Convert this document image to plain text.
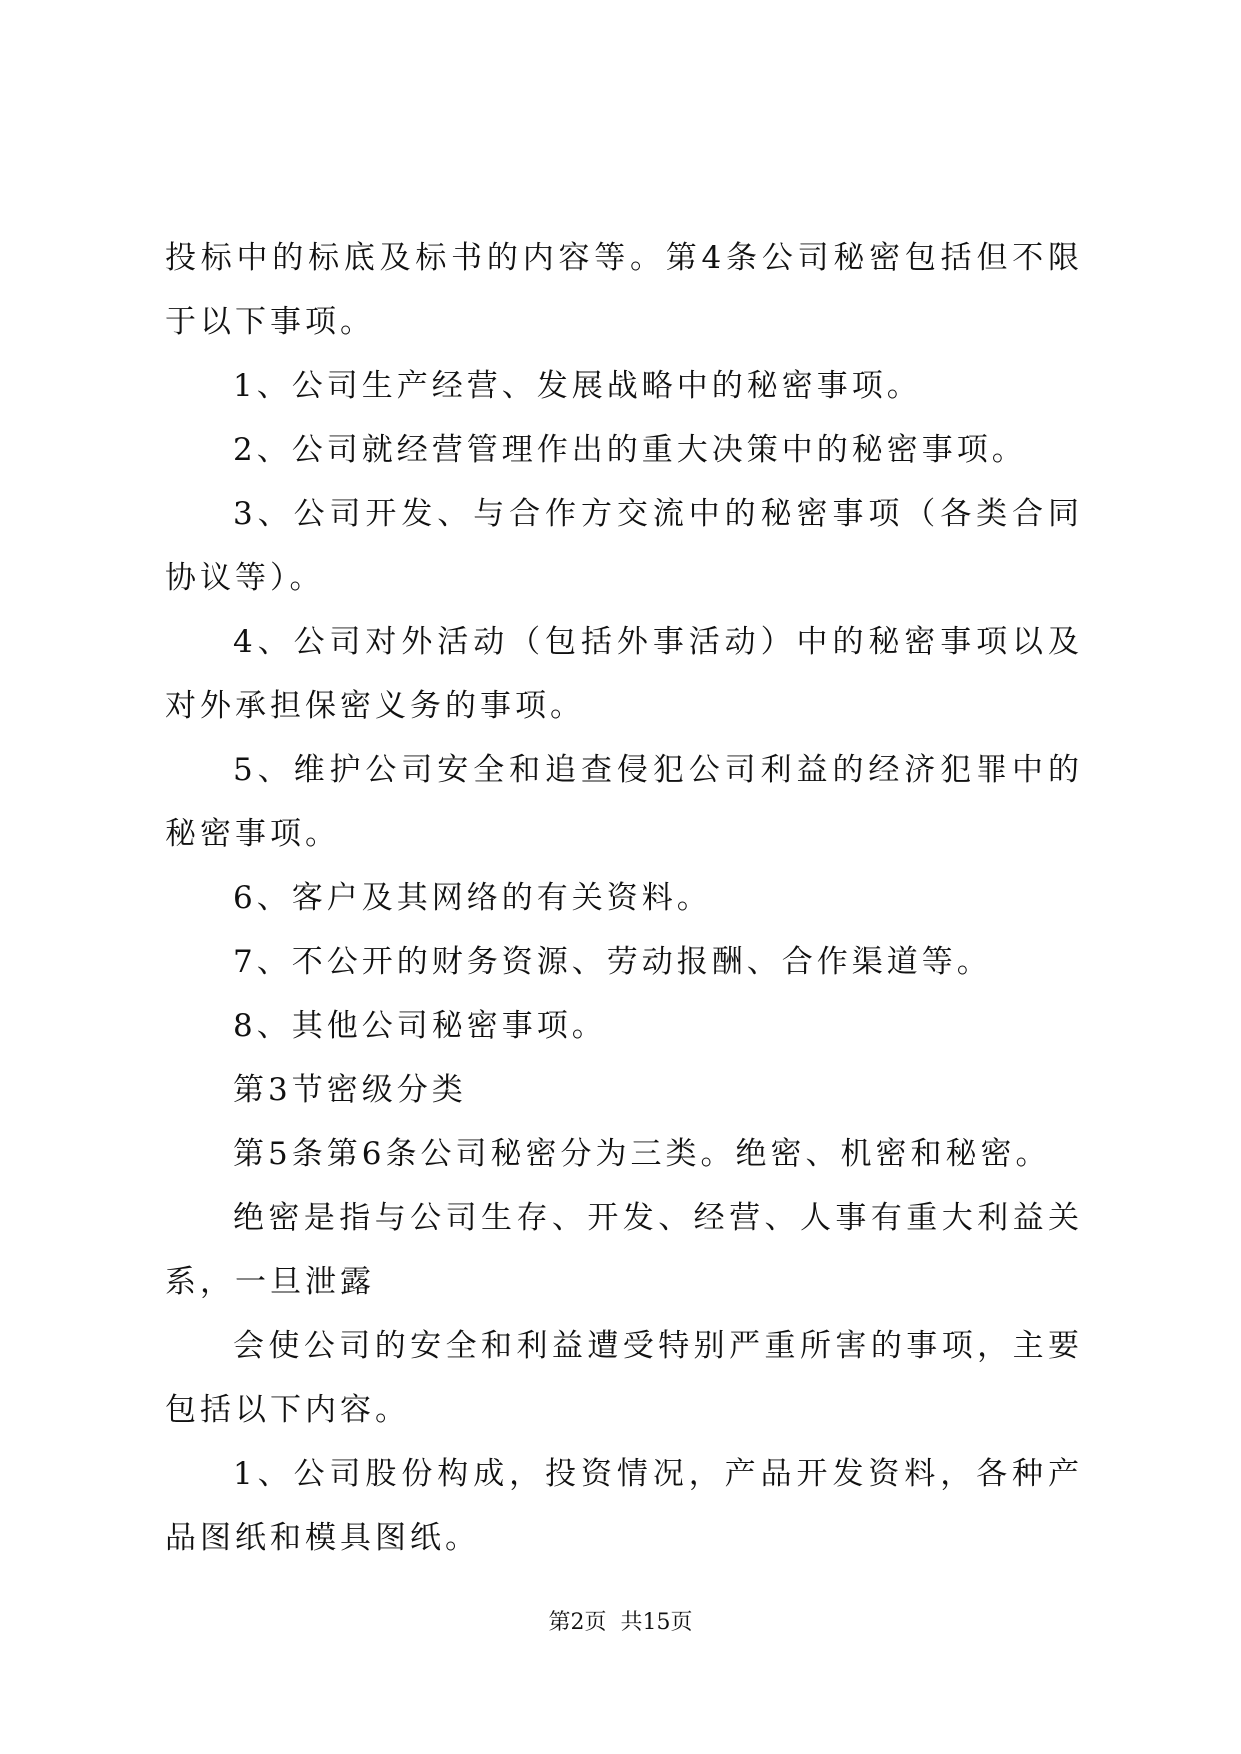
投标中的标底及标书的内容等。第4条公司秘密包括但不限于以下事项。

1、公司生产经营、发展战略中的秘密事项。

2、公司就经营管理作出的重大决策中的秘密事项。

3、公司开发、与合作方交流中的秘密事项（各类合同协议等）。

4、公司对外活动（包括外事活动）中的秘密事项以及对外承担保密义务的事项。

5、维护公司安全和追查侵犯公司利益的经济犯罪中的秘密事项。

6、客户及其网络的有关资料。

7、不公开的财务资源、劳动报酬、合作渠道等。

8、其他公司秘密事项。

第3节密级分类

第5条第6条公司秘密分为三类。绝密、机密和秘密。

绝密是指与公司生存、开发、经营、人事有重大利益关系，一旦泄露

会使公司的安全和利益遭受特别严重所害的事项，主要包括以下内容。

1、公司股份构成，投资情况，产品开发资料，各种产品图纸和模具图纸。

第2页 共15页
